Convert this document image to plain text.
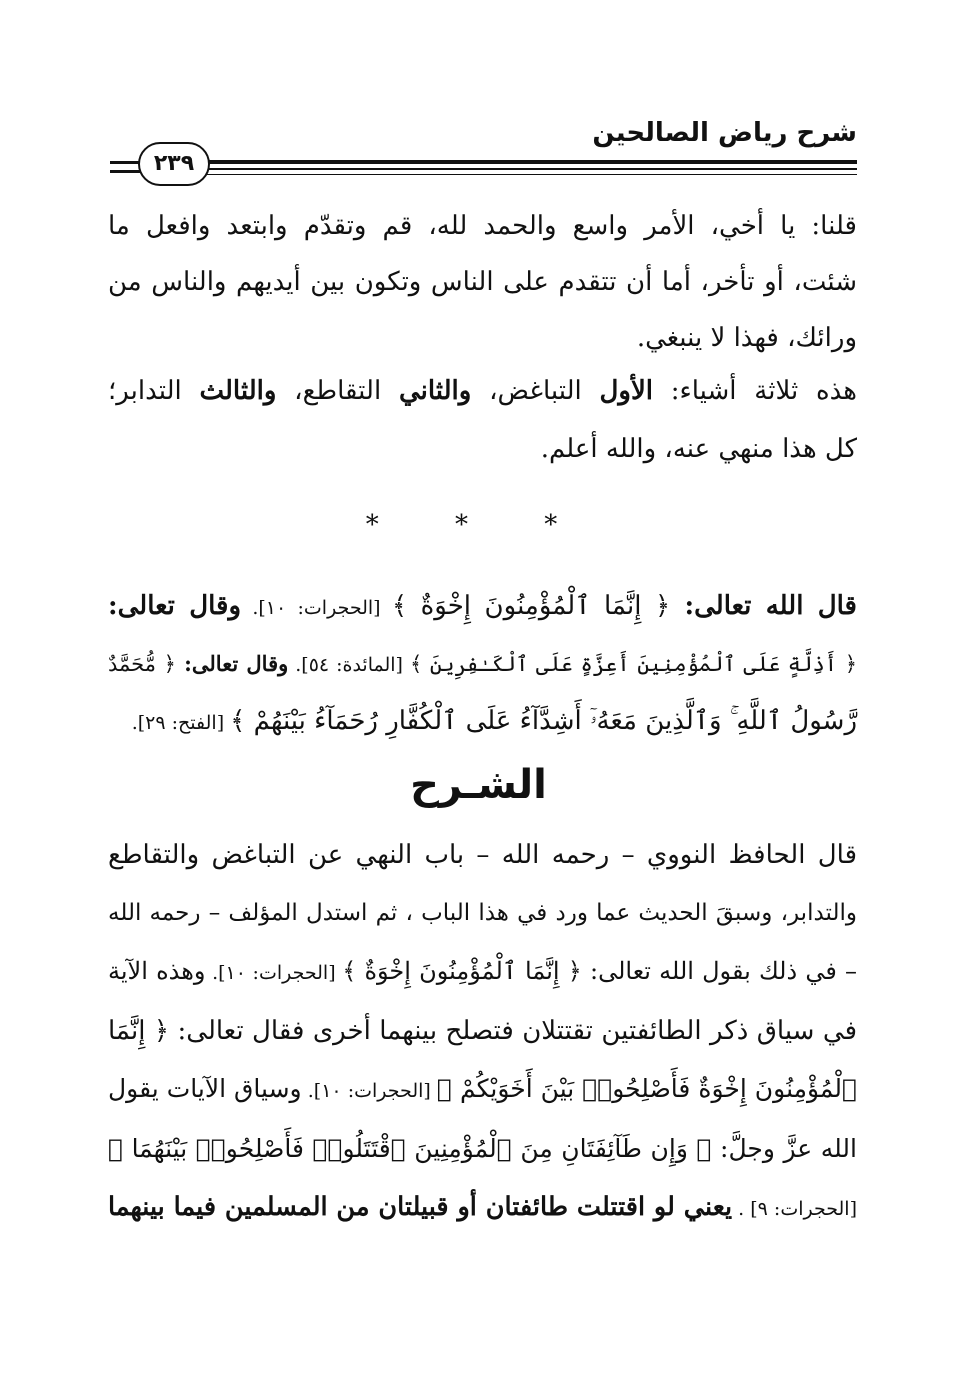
شرح رياض الصالحين
٢٣٩
قلنا: يا أخي، الأمر واسع والحمد لله، قم وتقدّم وابتعد وافعل ما
شئت، أو تأخر، أما أن تتقدم على الناس وتكون بين أيديهم والناس من
ورائك، فهذا لا ينبغي.
هذه ثلاثة أشياء: الأول التباغض، والثاني التقاطع، والثالث التدابر؛
كل هذا منهي عنه، والله أعلم.
* * *
قال الله تعالى: ﴿ إِنَّمَا ٱلْمُؤْمِنُونَ إِخْوَةٌ ﴾ [الحجرات: ١٠]. وقال تعالى:
﴿ أَذِلَّةٍ عَلَى ٱلْمُؤْمِنِينَ أَعِزَّةٍ عَلَى ٱلْكَـٰفِرِينَ ﴾ [المائدة: ٥٤]. وقال تعالى: ﴿ مُّحَمَّدٌ
رَّسُولُ ٱللَّهِ ۚ وَٱلَّذِينَ مَعَهُۥٓ أَشِدَّآءُ عَلَى ٱلْكُفَّارِ رُحَمَآءُ بَيْنَهُمْ ﴾ [الفتح: ٢٩].
الشـرح
قال الحافظ النووي – رحمه الله – باب النهي عن التباغض والتقاطع
والتدابر، وسبقَ الحديث عما ورد في هذا الباب ، ثم استدل المؤلف – رحمه الله
– في ذلك بقول الله تعالى: ﴿ إِنَّمَا ٱلْمُؤْمِنُونَ إِخْوَةٌ ﴾ [الحجرات: ١٠]. وهذه الآية
في سياق ذكر الطائفتين تقتتلان فتصلح بينهما أخرى فقال تعالى: ﴿ إِنَّمَا
ٱلْمُؤْمِنُونَ إِخْوَةٌ فَأَصْلِحُوا۟ بَيْنَ أَخَوَيْكُمْ ﴾ [الحجرات: ١٠]. وسياق الآيات يقول
الله عزَّ وجلَّ: ﴿ وَإِن طَآئِفَتَانِ مِنَ ٱلْمُؤْمِنِينَ ٱقْتَتَلُوا۟ فَأَصْلِحُوا۟ بَيْنَهُمَا ﴾
[الحجرات: ٩] . يعني لو اقتتلت طائفتان أو قبيلتان من المسلمين فيما بينهما
